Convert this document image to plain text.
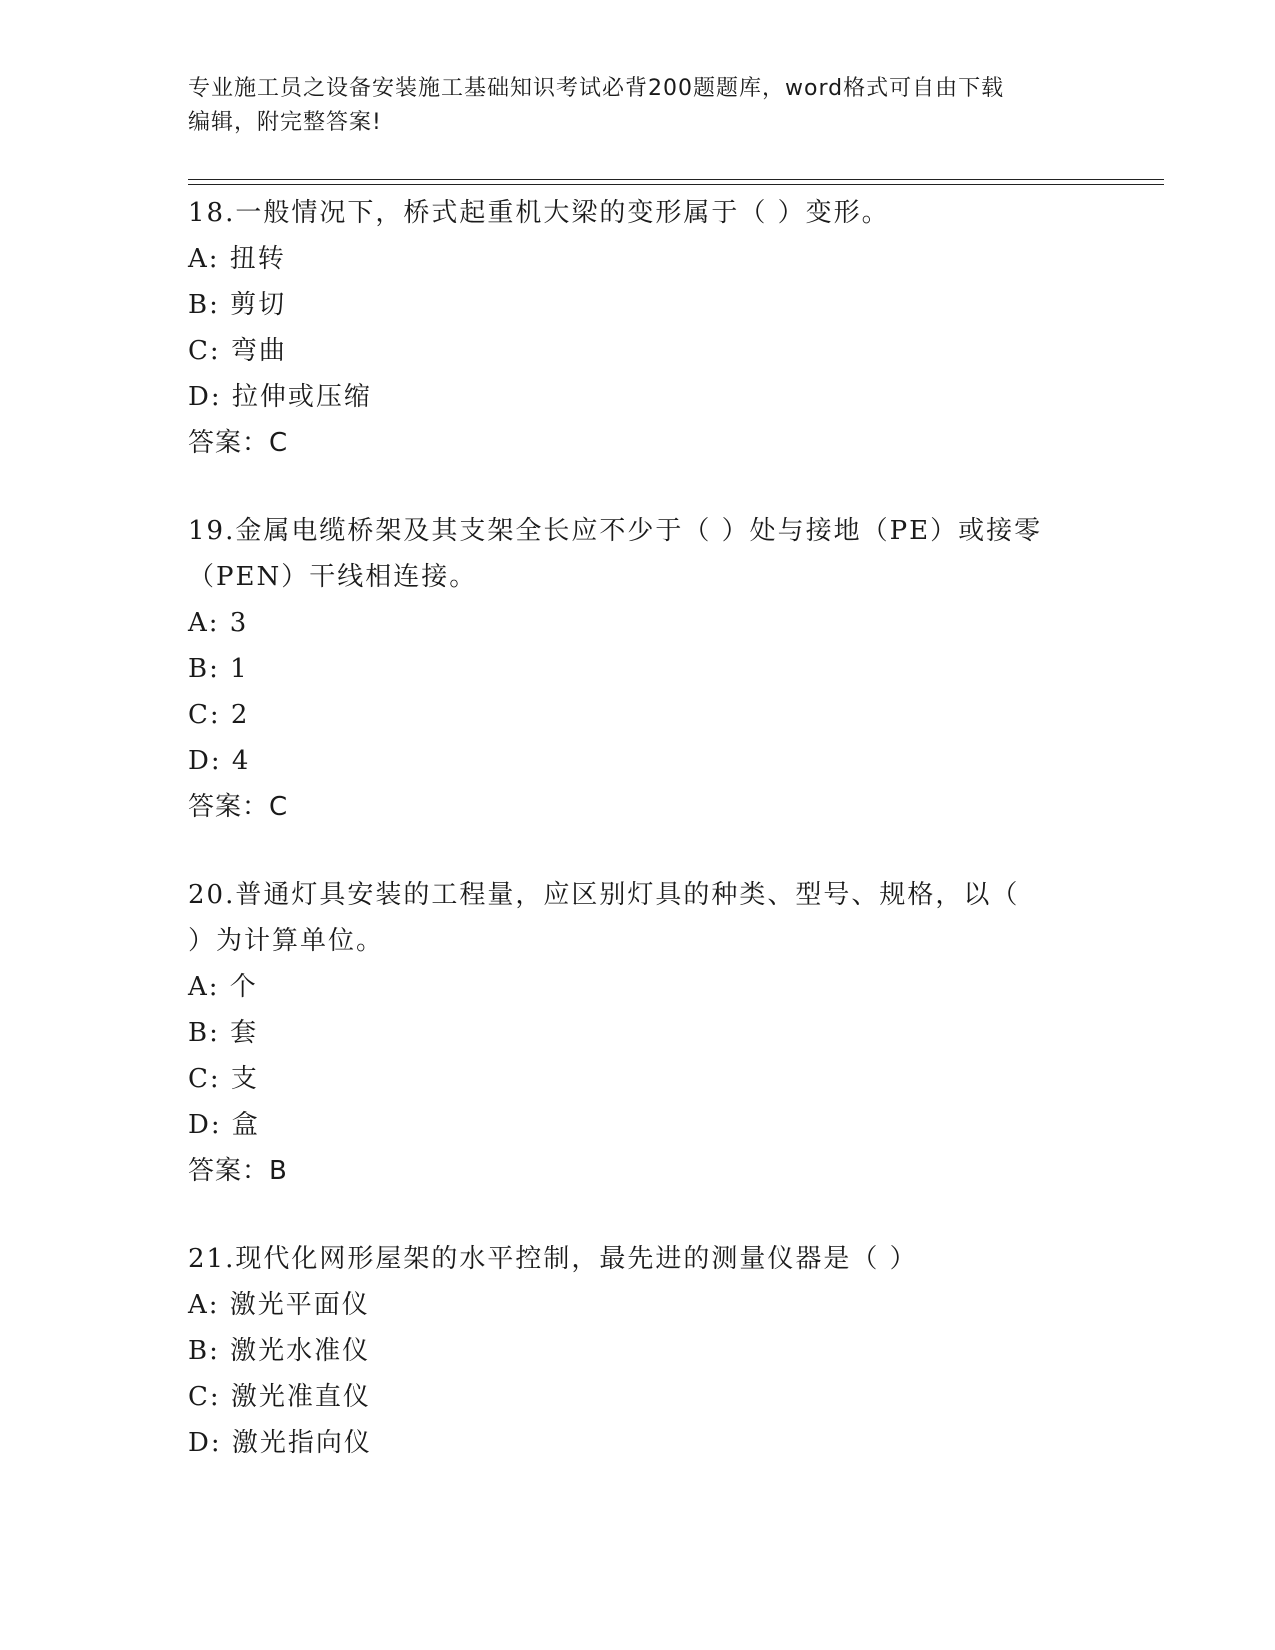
专业施工员之设备安装施工基础知识考试必背200题题库，word格式可自由下载
编辑，附完整答案!
18.一般情况下，桥式起重机大梁的变形属于（ ）变形。
A: 扭转
B: 剪切
C: 弯曲
D: 拉伸或压缩
答案：C
19.金属电缆桥架及其支架全长应不少于（ ）处与接地（PE）或接零
（PEN）干线相连接。
A: 3
B: 1
C: 2
D: 4
答案：C
20.普通灯具安装的工程量，应区别灯具的种类、型号、规格，以（
）为计算单位。
A: 个
B: 套
C: 支
D: 盒
答案：B
21.现代化网形屋架的水平控制，最先进的测量仪器是（ ）
A: 激光平面仪
B: 激光水准仪
C: 激光准直仪
D: 激光指向仪
